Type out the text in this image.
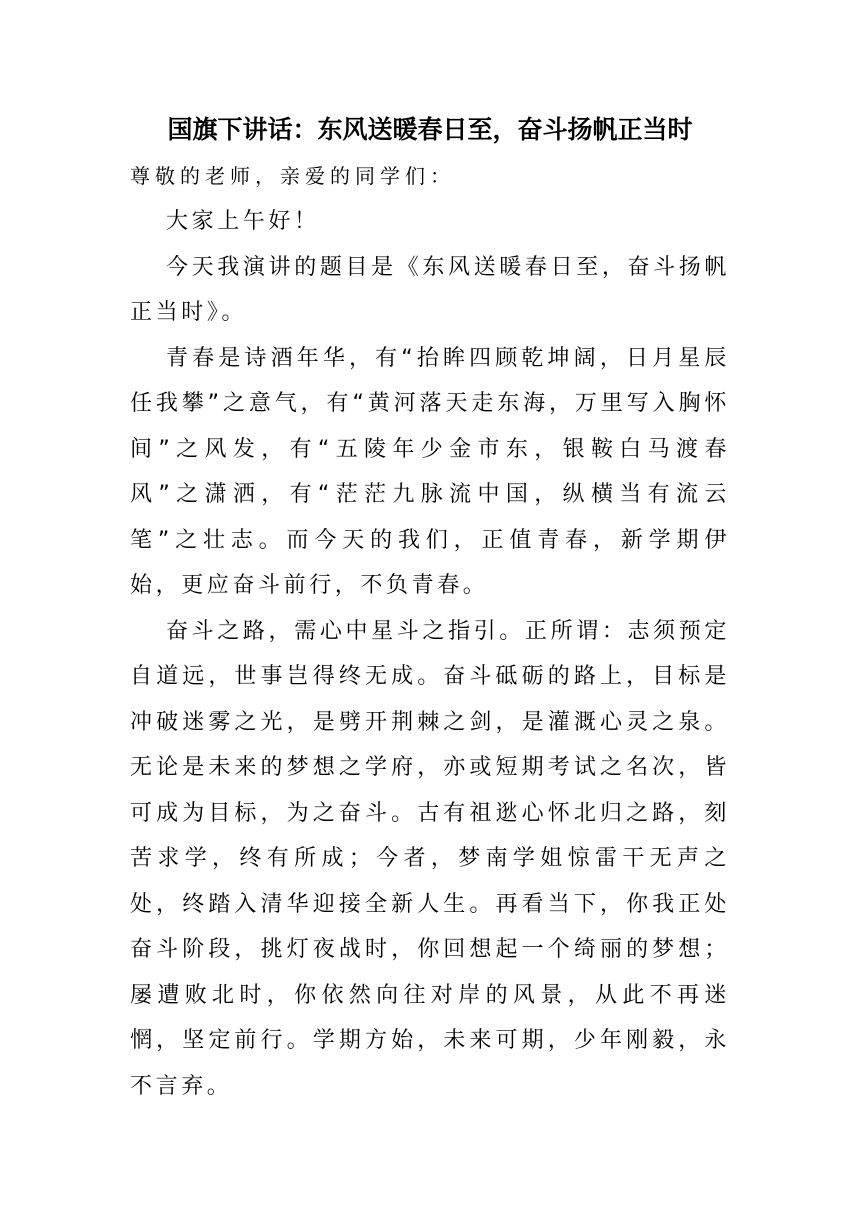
国旗下讲话：东风送暖春日至，奋斗扬帆正当时
尊敬的老师，亲爱的同学们：

大家上午好！

今天我演讲的题目是《东风送暖春日至，奋斗扬帆正当时》。

青春是诗酒年华，有“抬眸四顾乾坤阔，日月星辰任我攀”之意气，有“黄河落天走东海，万里写入胸怀间”之风发，有“五陵年少金市东，银鞍白马渡春风”之潇洒，有“茫茫九脉流中国，纵横当有流云笔”之壮志。而今天的我们，正值青春，新学期伊始，更应奋斗前行，不负青春。

奋斗之路，需心中星斗之指引。正所谓：志须预定自道远，世事岂得终无成。奋斗砥砺的路上，目标是冲破迷雾之光，是劈开荆棘之剑，是灌溉心灵之泉。无论是未来的梦想之学府，亦或短期考试之名次，皆可成为目标，为之奋斗。古有祖逖心怀北归之路，刻苦求学，终有所成；今者，梦南学姐惊雷干无声之处，终踏入清华迎接全新人生。再看当下，你我正处奋斗阶段，挑灯夜战时，你回想起一个绮丽的梦想；屡遭败北时，你依然向往对岸的风景，从此不再迷惘，坚定前行。学期方始，未来可期，少年刚毅，永不言弃。
